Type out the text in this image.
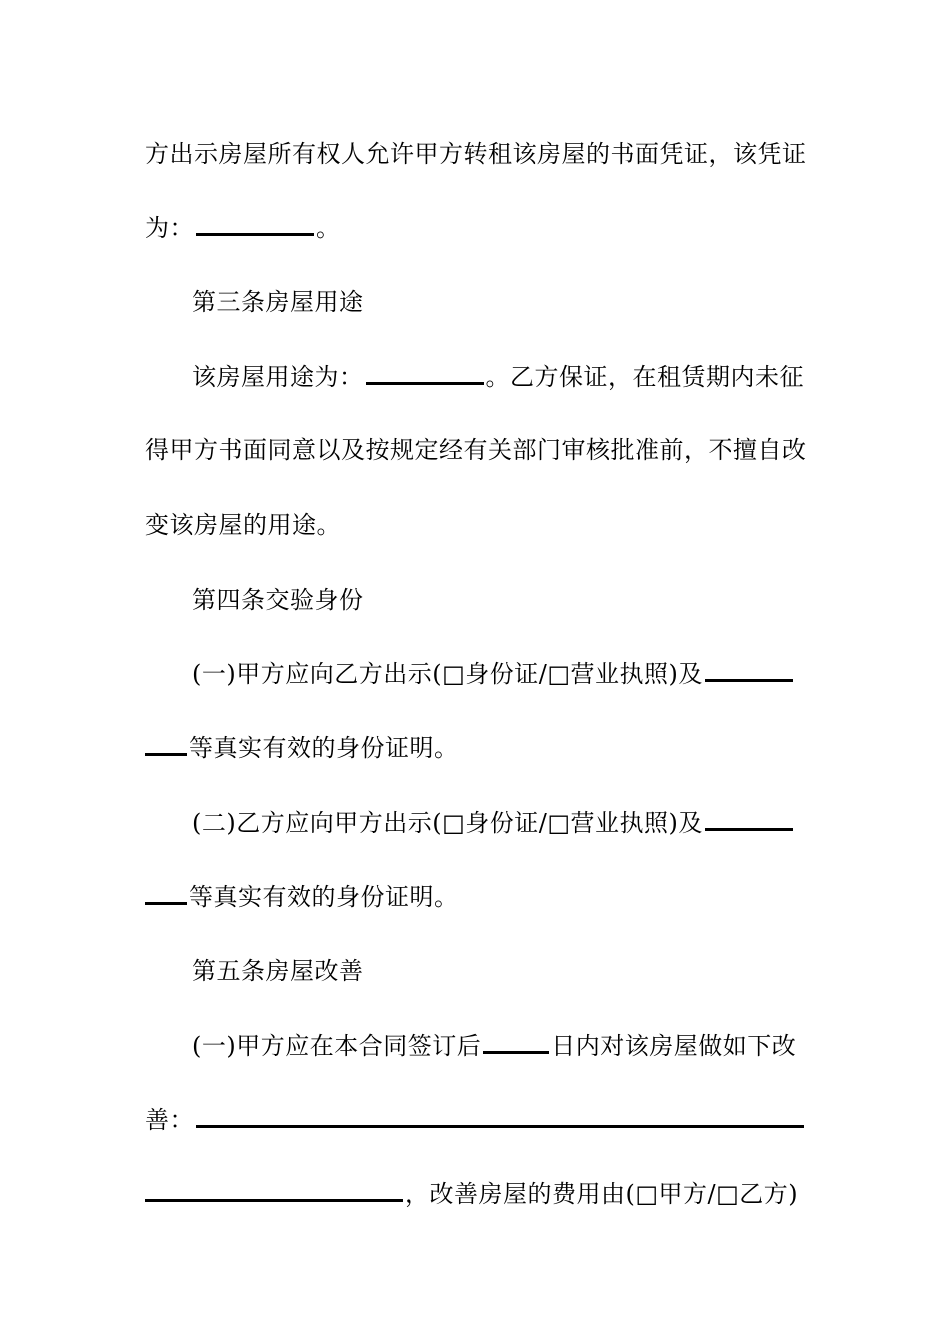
方出示房屋所有权人允许甲方转租该房屋的书面凭证，该凭证
为：	。
第三条房屋用途
该房屋用途为：	。乙方保证，在租赁期内未征
得甲方书面同意以及按规定经有关部门审核批准前，不擅自改
变该房屋的用途。
第四条交验身份
(一)甲方应向乙方出示(□身份证/□营业执照)及
等真实有效的身份证明。
(二)乙方应向甲方出示(□身份证/□营业执照)及
等真实有效的身份证明。
第五条房屋改善
(一)甲方应在本合同签订后	日内对该房屋做如下改
善：
，改善房屋的费用由(□甲方/□乙方)
